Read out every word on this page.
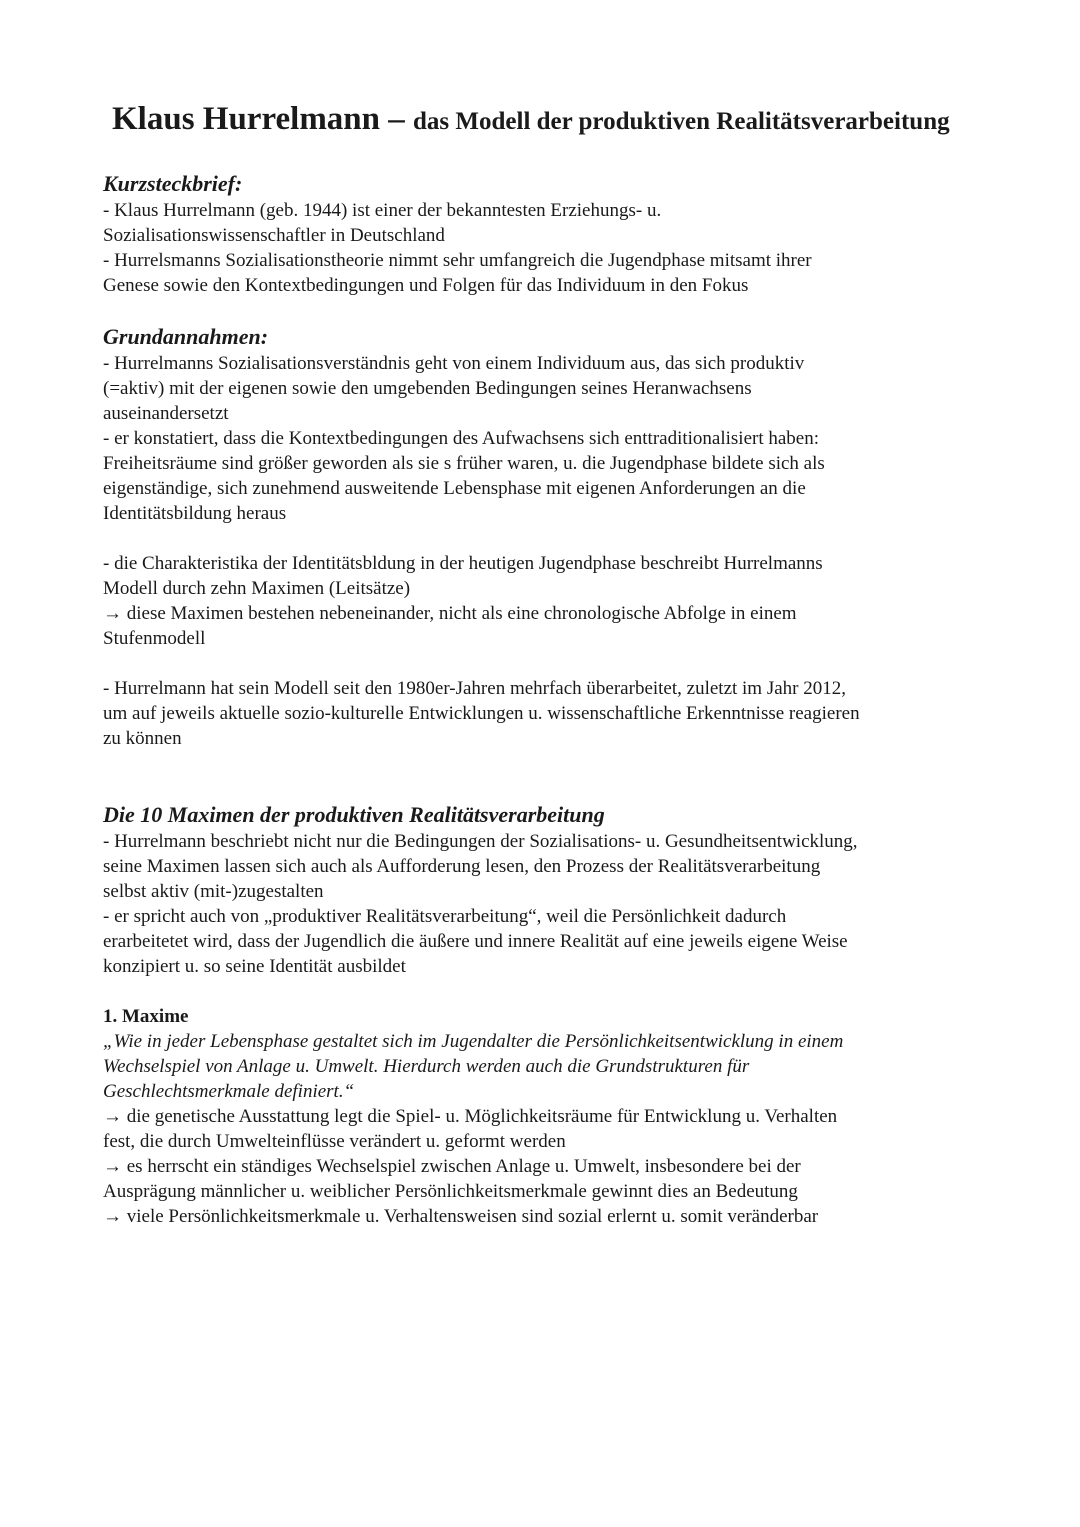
Klaus Hurrelmann – das Modell der produktiven Realitätsverarbeitung

Kurzsteckbrief:

- Klaus Hurrelmann (geb. 1944) ist einer der bekanntesten Erziehungs- u.

Sozialisationswissenschaftler in Deutschland

- Hurrelsmanns Sozialisationstheorie nimmt sehr umfangreich die Jugendphase mitsamt ihrer

Genese sowie den Kontextbedingungen und Folgen für das Individuum in den Fokus

Grundannahmen:

- Hurrelmanns Sozialisationsverständnis geht von einem Individuum aus, das sich produktiv

(=aktiv) mit der eigenen sowie den umgebenden Bedingungen seines Heranwachsens

auseinandersetzt

- er konstatiert, dass die Kontextbedingungen des Aufwachsens sich enttraditionalisiert haben:

Freiheitsräume sind größer geworden als sie s früher waren, u. die Jugendphase bildete sich als

eigenständige, sich zunehmend ausweitende Lebensphase mit eigenen Anforderungen an die

Identitätsbildung heraus

- die Charakteristika der Identitätsbldung in der heutigen Jugendphase beschreibt Hurrelmanns

Modell durch zehn Maximen (Leitsätze)

→ diese Maximen bestehen nebeneinander, nicht als eine chronologische Abfolge in einem

Stufenmodell

- Hurrelmann hat sein Modell seit den 1980er-Jahren mehrfach überarbeitet, zuletzt im Jahr 2012,

um auf jeweils aktuelle sozio-kulturelle Entwicklungen u. wissenschaftliche Erkenntnisse reagieren

zu können

Die 10 Maximen der produktiven Realitätsverarbeitung

- Hurrelmann beschriebt nicht nur die Bedingungen der Sozialisations- u. Gesundheitsentwicklung,

seine Maximen lassen sich auch als Aufforderung lesen, den Prozess der Realitätsverarbeitung

selbst aktiv (mit-)zugestalten

- er spricht auch von „produktiver Realitätsverarbeitung“, weil die Persönlichkeit dadurch

erarbeitetet wird, dass der Jugendlich die äußere und innere Realität auf eine jeweils eigene Weise

konzipiert u. so seine Identität ausbildet

1. Maxime

„Wie in jeder Lebensphase gestaltet sich im Jugendalter die Persönlichkeitsentwicklung in einem

Wechselspiel von Anlage u. Umwelt. Hierdurch werden auch die Grundstrukturen für

Geschlechtsmerkmale definiert.“

→ die genetische Ausstattung legt die Spiel- u. Möglichkeitsräume für Entwicklung u. Verhalten

fest, die durch Umwelteinflüsse verändert u. geformt werden

→ es herrscht ein ständiges Wechselspiel zwischen Anlage u. Umwelt, insbesondere bei der

Ausprägung männlicher u. weiblicher Persönlichkeitsmerkmale gewinnt dies an Bedeutung

→ viele Persönlichkeitsmerkmale u. Verhaltensweisen sind sozial erlernt u. somit veränderbar
